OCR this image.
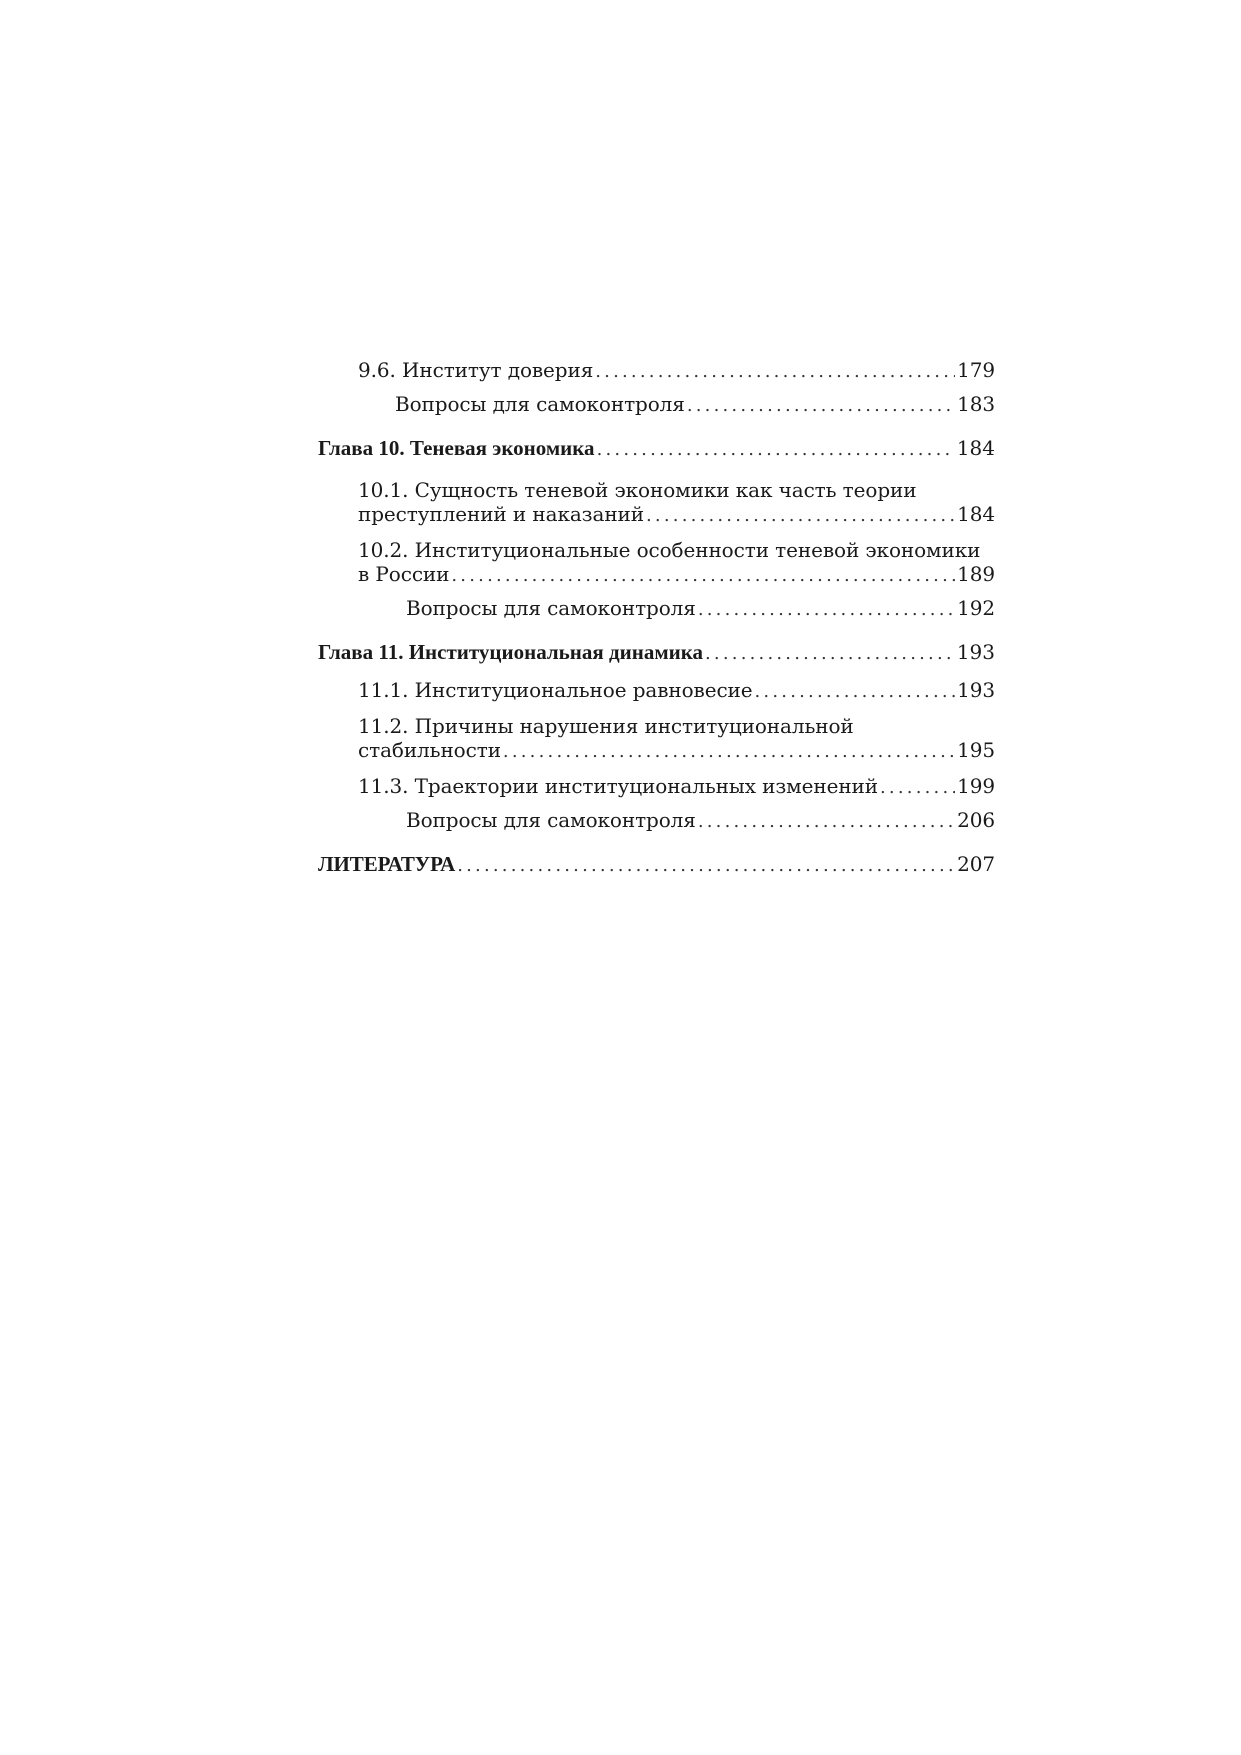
9.6. Институт доверия .....	179
Вопросы для самоконтроля .....	183
Глава 10. Теневая экономика .....	184
10.1. Сущность теневой экономики как часть теории
преступлений и наказаний .....	184
10.2. Институциональные особенности теневой экономики
в России .....	189
Вопросы для самоконтроля .....	192
Глава 11. Институциональная динамика .....	193
11.1. Институциональное равновесие .....	193
11.2. Причины нарушения институциональной
стабильности .....	195
11.3. Траектории институциональных изменений .....	199
Вопросы для самоконтроля .....	206
ЛИТЕРАТУРА .....	207
